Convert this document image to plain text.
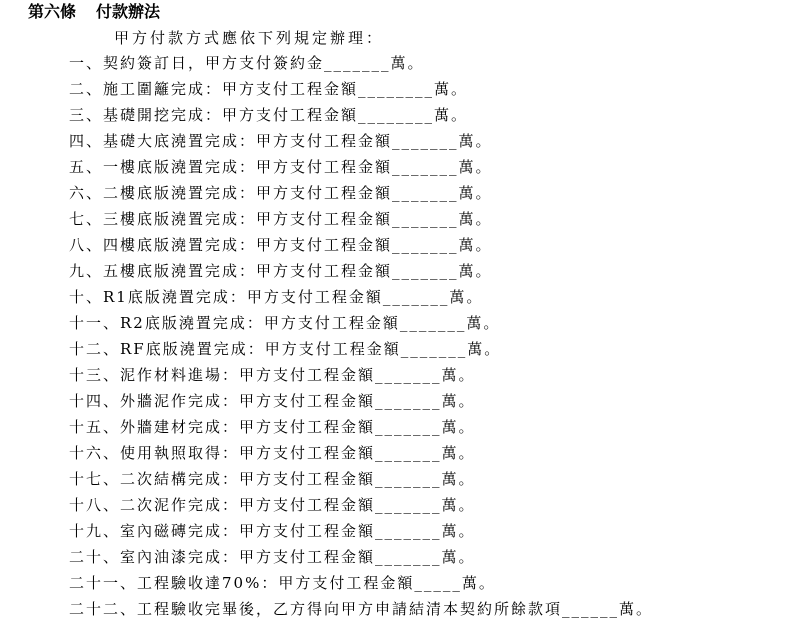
第六條 付款辦法
甲方付款方式應依下列規定辦理：
一、契約簽訂日，甲方支付簽約金_______萬。
二、施工圍籬完成：甲方支付工程金額________萬。
三、基礎開挖完成：甲方支付工程金額________萬。
四、基礎大底澆置完成：甲方支付工程金額_______萬。
五、一樓底版澆置完成：甲方支付工程金額_______萬。
六、二樓底版澆置完成：甲方支付工程金額_______萬。
七、三樓底版澆置完成：甲方支付工程金額_______萬。
八、四樓底版澆置完成：甲方支付工程金額_______萬。
九、五樓底版澆置完成：甲方支付工程金額_______萬。
十、R1底版澆置完成：甲方支付工程金額_______萬。
十一、R2底版澆置完成：甲方支付工程金額_______萬。
十二、RF底版澆置完成：甲方支付工程金額_______萬。
十三、泥作材料進場：甲方支付工程金額_______萬。
十四、外牆泥作完成：甲方支付工程金額_______萬。
十五、外牆建材完成：甲方支付工程金額_______萬。
十六、使用執照取得：甲方支付工程金額_______萬。
十七、二次結構完成：甲方支付工程金額_______萬。
十八、二次泥作完成：甲方支付工程金額_______萬。
十九、室內磁磚完成：甲方支付工程金額_______萬。
二十、室內油漆完成：甲方支付工程金額_______萬。
二十一、工程驗收達70%：甲方支付工程金額_____萬。
二十二、工程驗收完畢後，乙方得向甲方申請結清本契約所餘款項______萬。
